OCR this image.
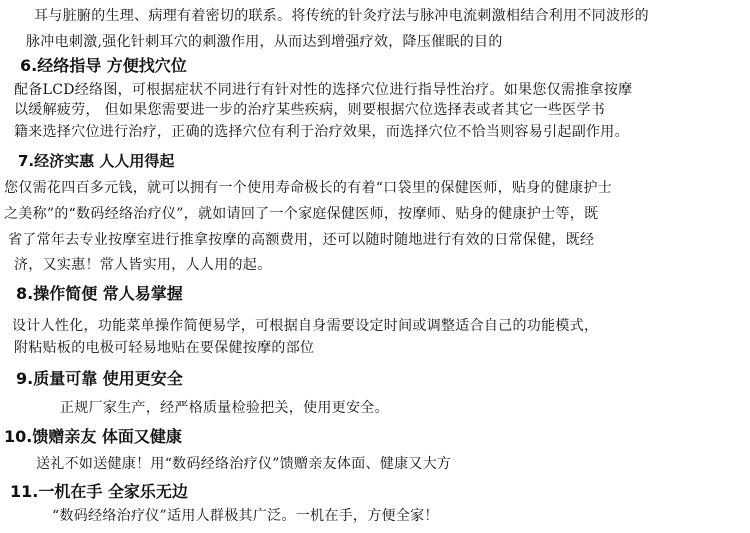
耳与脏腑的生理、病理有着密切的联系。将传统的针灸疗法与脉冲电流刺激相结合利用不同波形的
脉冲电刺激,强化针刺耳穴的刺激作用，从而达到增强疗效，降压催眠的目的
6.经络指导 方便找穴位
配备LCD经络图，可根据症状不同进行有针对性的选择穴位进行指导性治疗。如果您仅需推拿按摩
以缓解疲劳， 但如果您需要进一步的治疗某些疾病，则要根据穴位选择表或者其它一些医学书
籍来选择穴位进行治疗，正确的选择穴位有利于治疗效果，而选择穴位不恰当则容易引起副作用。
7.经济实惠 人人用得起
您仅需花四百多元钱，就可以拥有一个使用寿命极长的有着“口袋里的保健医师，贴身的健康护士
之美称”的“数码经络治疗仪”，就如请回了一个家庭保健医师，按摩师、贴身的健康护士等，既
省了常年去专业按摩室进行推拿按摩的高额费用，还可以随时随地进行有效的日常保健，既经
济，又实惠！常人皆实用，人人用的起。
8.操作简便 常人易掌握
设计人性化，功能菜单操作简便易学，可根据自身需要设定时间或调整适合自己的功能模式，
附粘贴板的电极可轻易地贴在要保健按摩的部位
9.质量可靠 使用更安全
正规厂家生产，经严格质量检验把关，使用更安全。
10.馈赠亲友 体面又健康
送礼不如送健康！用“数码经络治疗仪”馈赠亲友体面、健康又大方
11.一机在手 全家乐无边
“数码经络治疗仪”适用人群极其广泛。一机在手，方便全家！
